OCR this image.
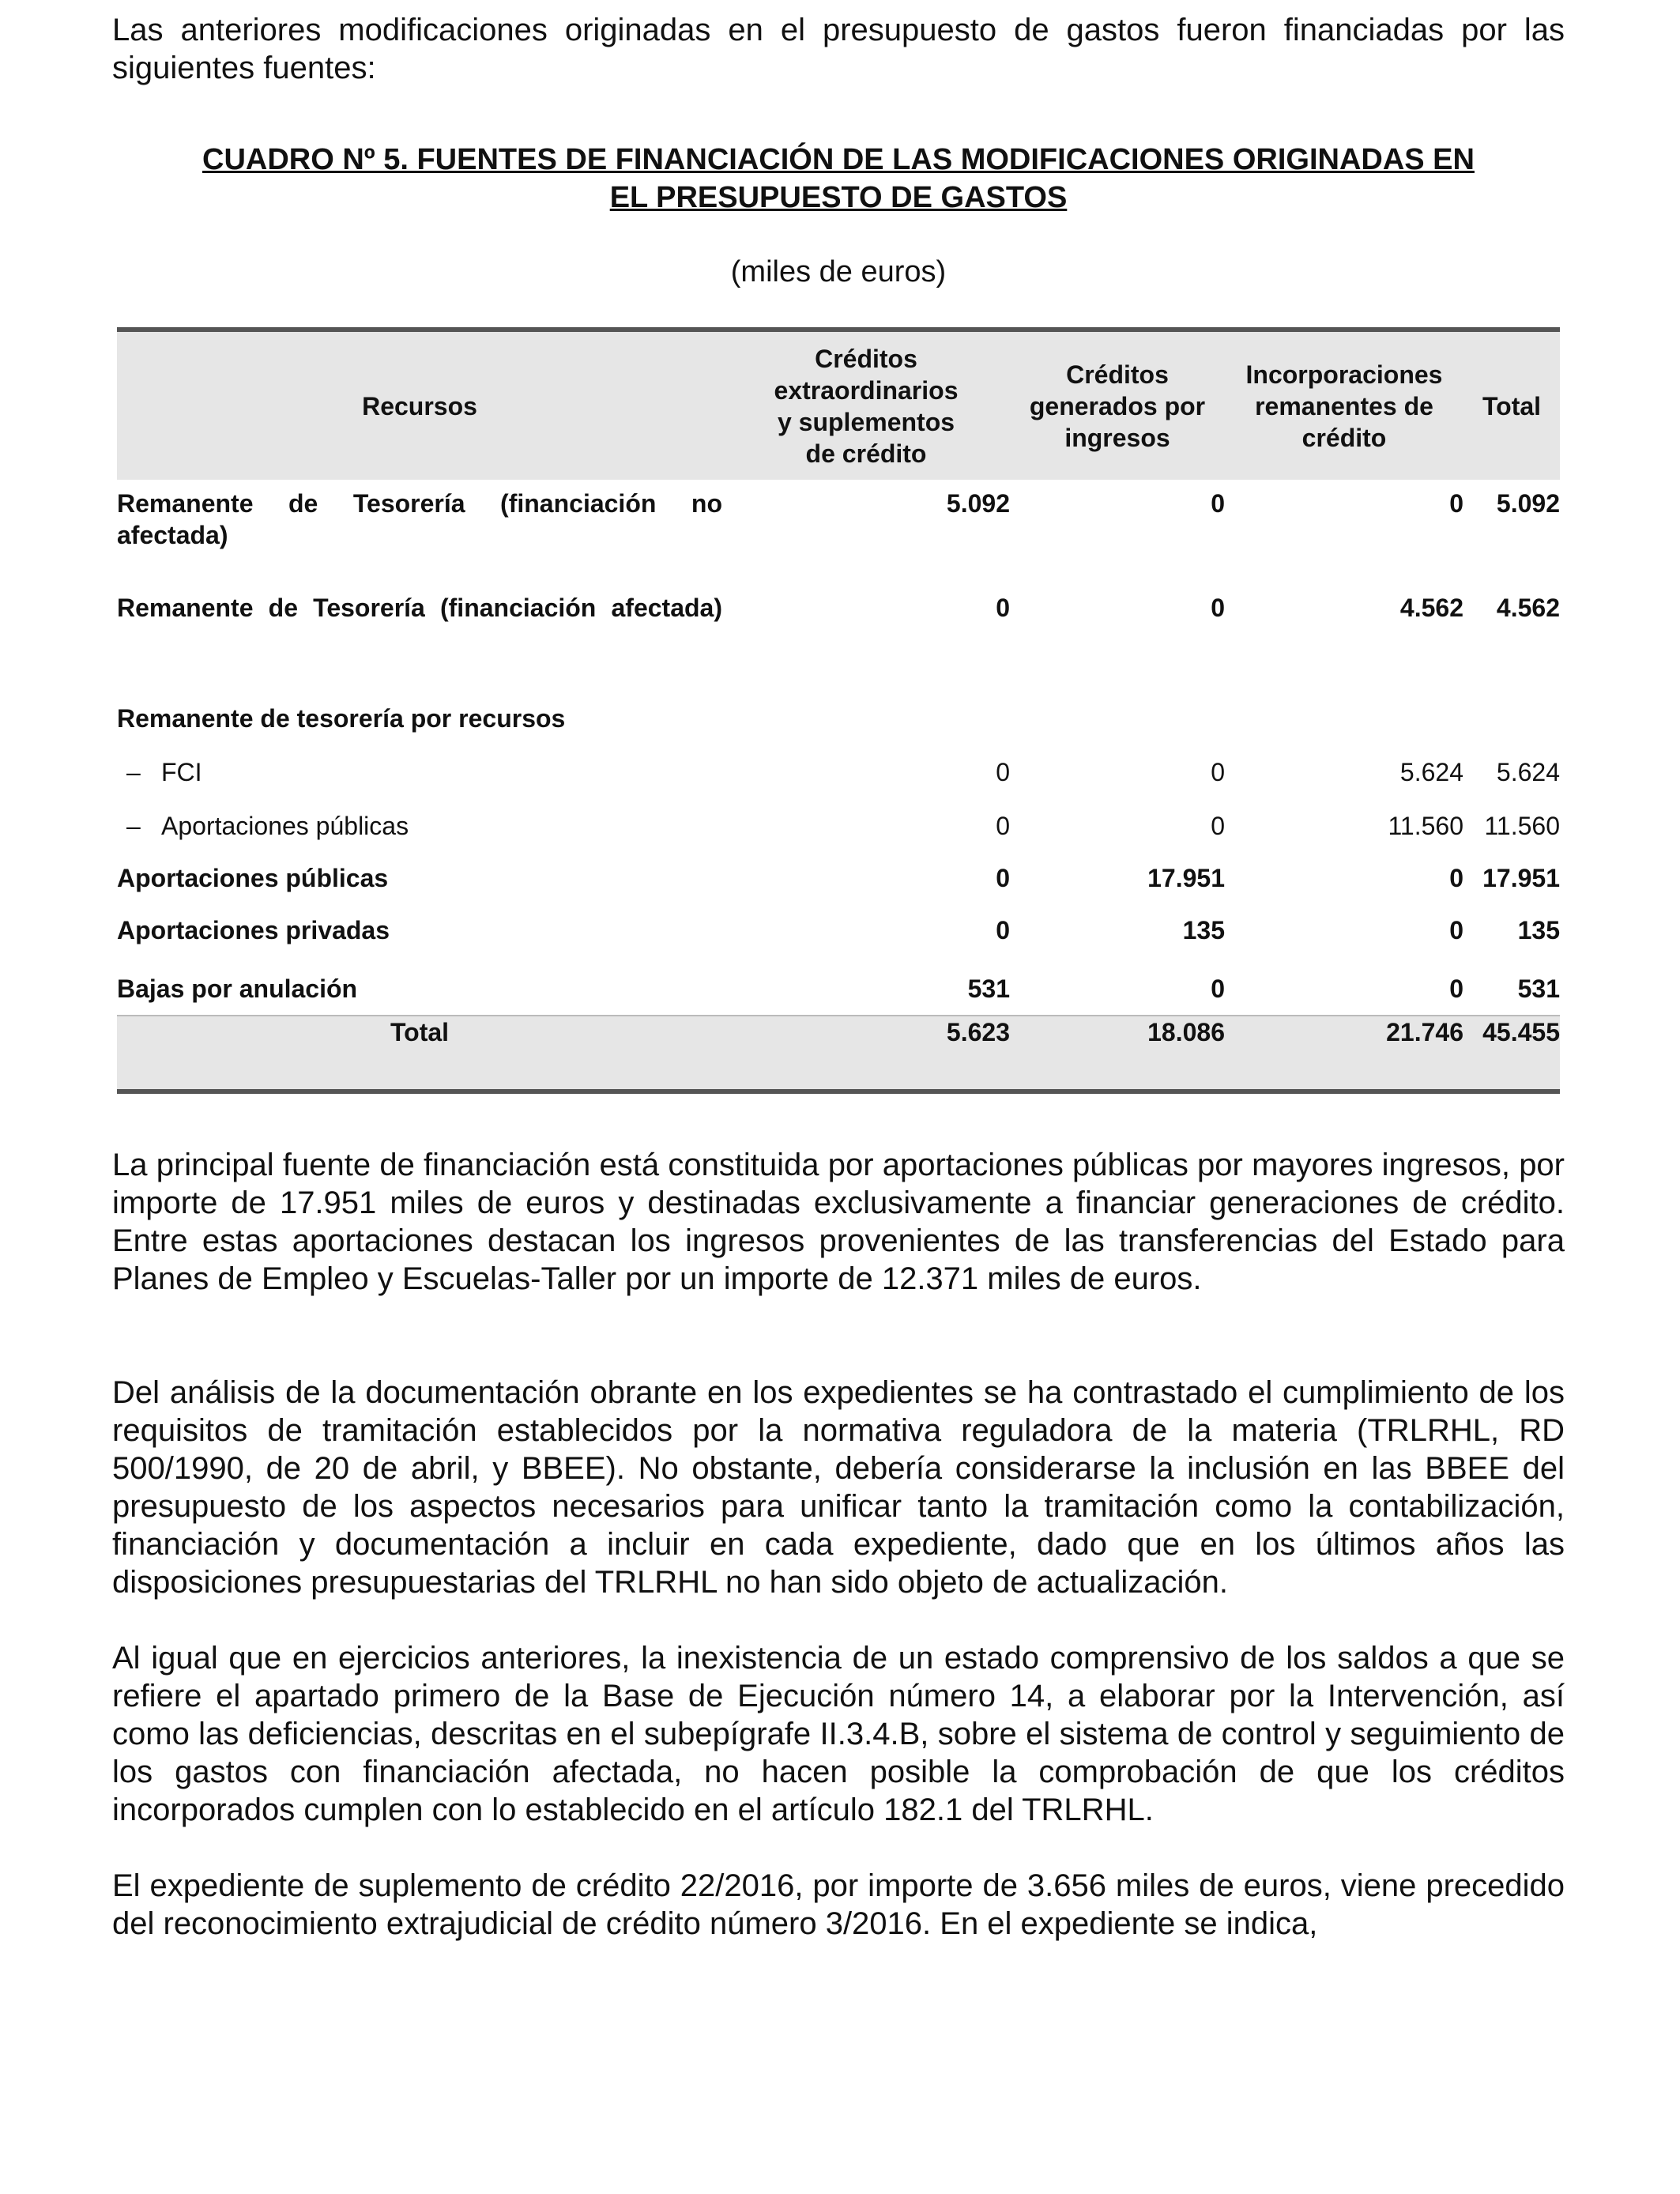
Las anteriores modificaciones originadas en el presupuesto de gastos fueron financiadas por las siguientes fuentes:

CUADRO Nº 5. FUENTES DE FINANCIACIÓN DE LAS MODIFICACIONES ORIGINADAS EN
EL PRESUPUESTO DE GASTOS

(miles de euros)

Recursos	Créditos
extraordinarios
y suplementos
de crédito	Créditos
generados por
ingresos	Incorporaciones
remanentes de
crédito	Total
Remanente de Tesorería (financiación no afectada)	5.092	0	0	5.092
Remanente de Tesorería (financiación afectada)	0	0	4.562	4.562
Remanente de tesorería por recursos				
– FCI	0	0	5.624	5.624
– Aportaciones públicas	0	0	11.560	11.560
Aportaciones públicas	0	17.951	0	17.951
Aportaciones privadas	0	135	0	135
Bajas por anulación	531	0	0	531
Total	5.623	18.086	21.746	45.455

La principal fuente de financiación está constituida por aportaciones públicas por mayores ingresos, por importe de 17.951 miles de euros y destinadas exclusivamente a financiar generaciones de crédito. Entre estas aportaciones destacan los ingresos provenientes de las transferencias del Estado para Planes de Empleo y Escuelas-Taller por un importe de 12.371 miles de euros.

Del análisis de la documentación obrante en los expedientes se ha contrastado el cumplimiento de los requisitos de tramitación establecidos por la normativa reguladora de la materia (TRLRHL, RD 500/1990, de 20 de abril, y BBEE). No obstante, debería considerarse la inclusión en las BBEE del presupuesto de los aspectos necesarios para unificar tanto la tramitación como la contabilización, financiación y documentación a incluir en cada expediente, dado que en los últimos años las disposiciones presupuestarias del TRLRHL no han sido objeto de actualización.

Al igual que en ejercicios anteriores, la inexistencia de un estado comprensivo de los saldos a que se refiere el apartado primero de la Base de Ejecución número 14, a elaborar por la Intervención, así como las deficiencias, descritas en el subepígrafe II.3.4.B, sobre el sistema de control y seguimiento de los gastos con financiación afectada, no hacen posible la comprobación de que los créditos incorporados cumplen con lo establecido en el artículo 182.1 del TRLRHL.

El expediente de suplemento de crédito 22/2016, por importe de 3.656 miles de euros, viene precedido del reconocimiento extrajudicial de crédito número 3/2016. En el expediente se indica,
